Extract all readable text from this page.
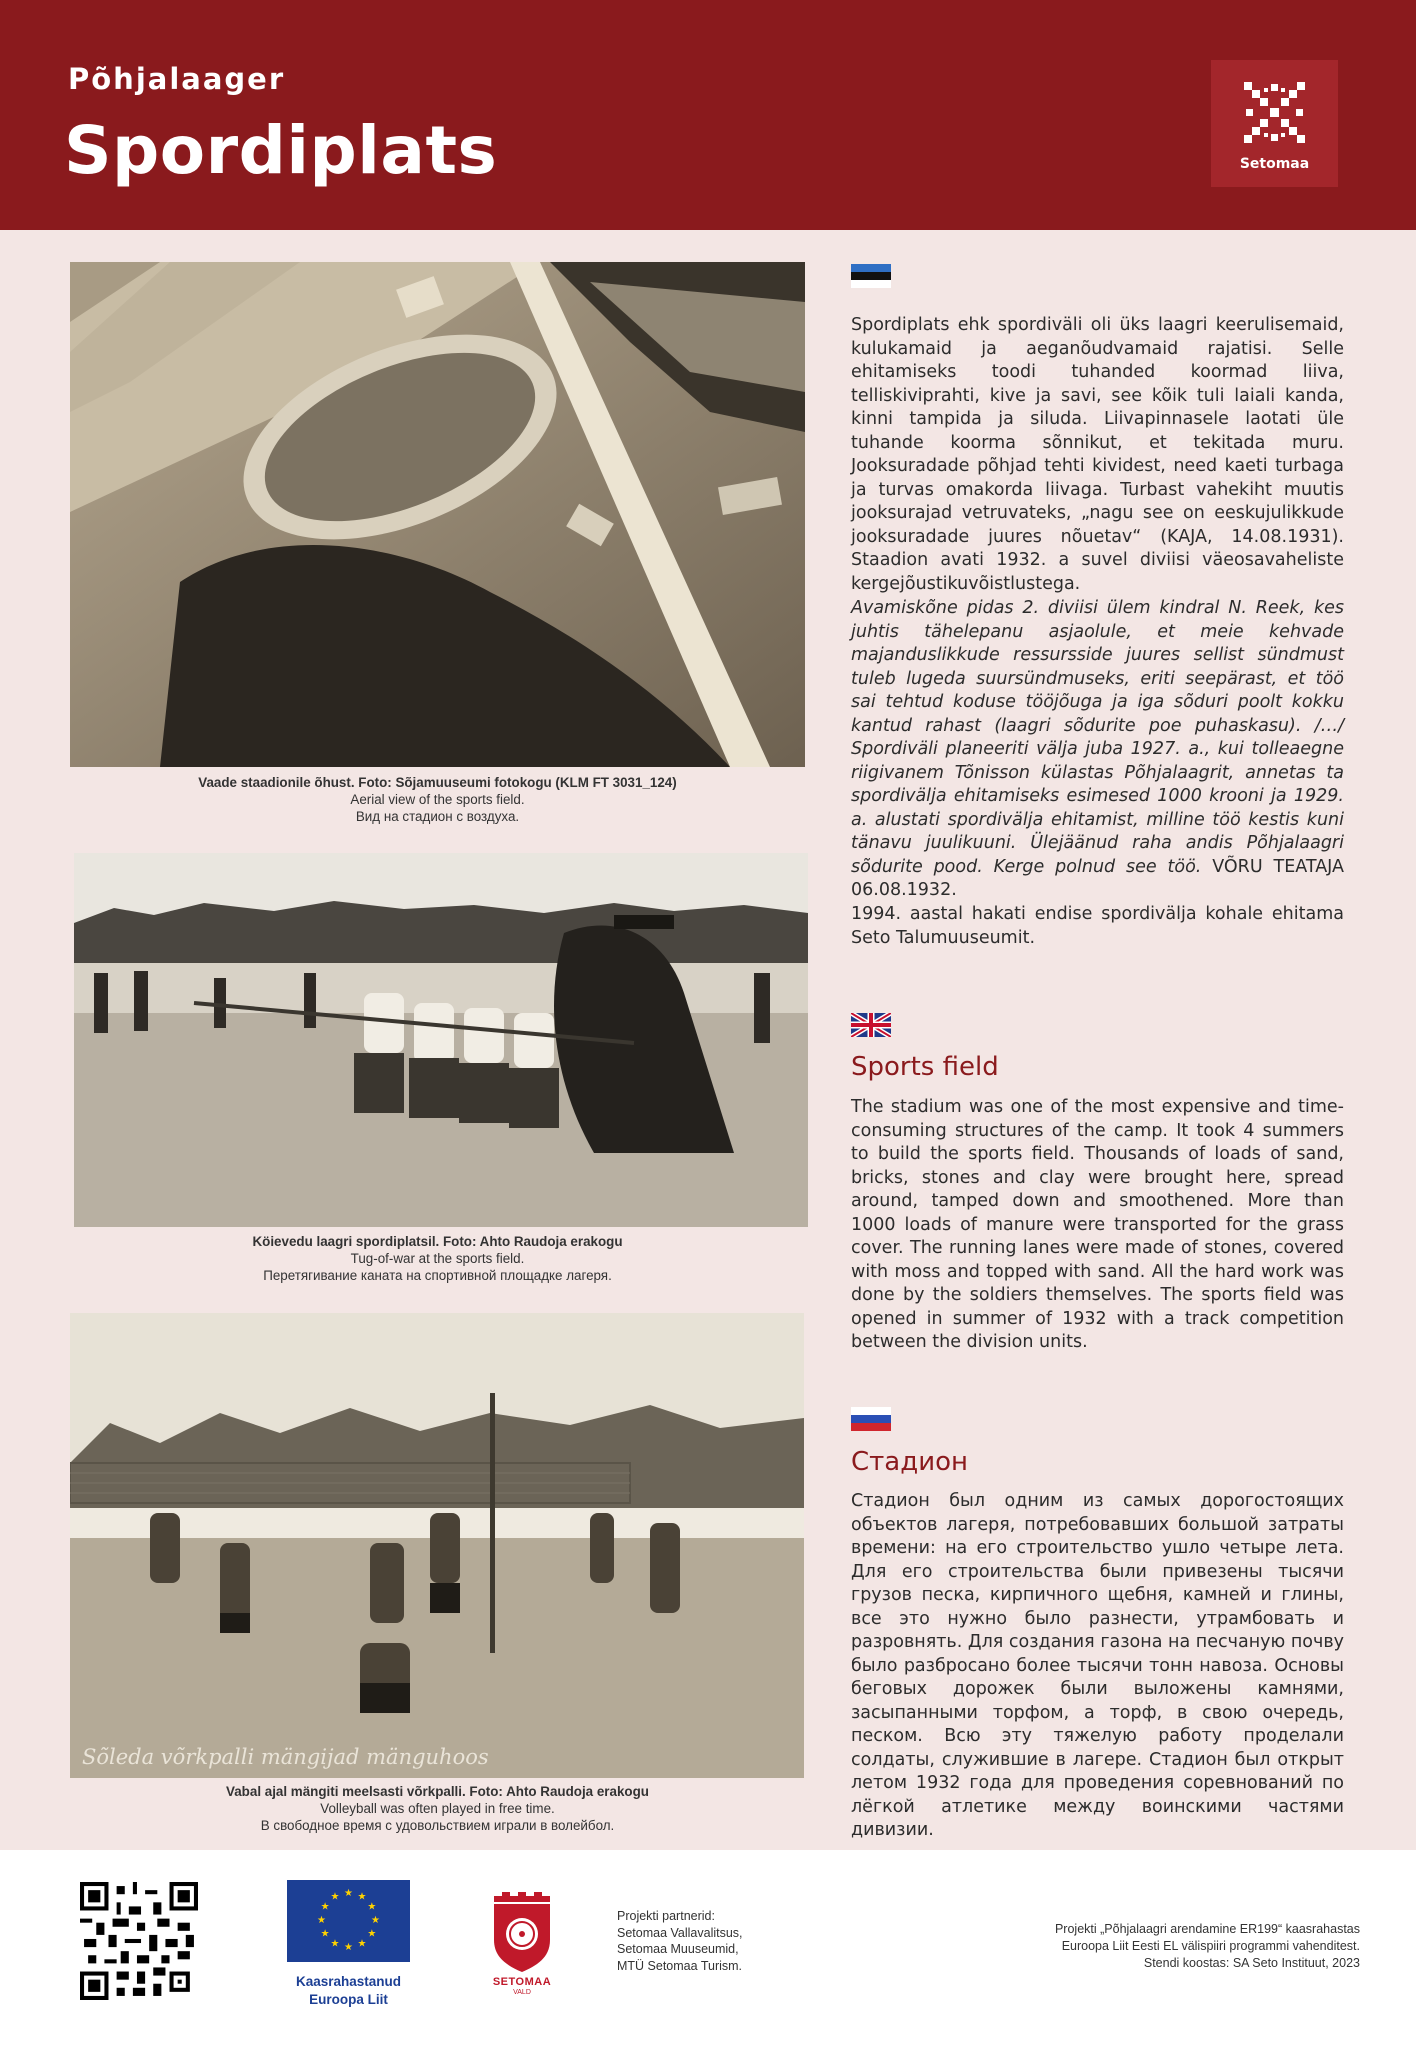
Põhjalaager
Spordiplats	Setomaa
Vaade staadionile õhust. Foto: Sõjamuuseumi fotokogu (KLM FT 3031_124)
Aerial view of the sports field.
Вид на стадион с воздуха.
Köievedu laagri spordiplatsil. Foto: Ahto Raudoja erakogu
Tug-of-war at the sports field.
Перетягивание каната на спортивной площадке лагеря.
Sõleda võrkpalli mängijad mänguhoos
Vabal ajal mängiti meelsasti võrkpalli. Foto: Ahto Raudoja erakogu
Volleyball was often played in free time.
В свободное время с удовольствием играли в волейбол.
Spordiplats ehk spordiväli oli üks laagri keerulisemaid, kulukamaid ja aeganõudvamaid rajatisi. Selle ehitamiseks toodi tuhanded koormad liiva, telliskiviprahti, kive ja savi, see kõik tuli laiali kanda, kinni tampida ja siluda. Liivapinnasele laotati üle tuhande koorma sõnnikut, et tekitada muru. Jooksuradade põhjad tehti kividest, need kaeti turbaga ja turvas omakorda liivaga. Turbast vahekiht muutis jooksurajad vetruvateks, „nagu see on eeskujulikkude jooksuradade juures nõuetav“ (KAJA, 14.08.1931). Staadion avati 1932. a suvel diviisi väeosavaheliste kergejõustikuvõistlustega.
Avamiskõne pidas 2. diviisi ülem kindral N. Reek, kes juhtis tähelepanu asjaolule, et meie kehvade majanduslikkude ressursside juures sellist sündmust tuleb lugeda suursündmuseks, eriti seepärast, et töö sai tehtud koduse tööjõuga ja iga sõduri poolt kokku kantud rahast (laagri sõdurite poe puhaskasu). /…/ Spordiväli planeeriti välja juba 1927. a., kui tolleaegne riigivanem Tõnisson külastas Põhjalaagrit, annetas ta spordivälja ehitamiseks esimesed 1000 krooni ja 1929. a. alustati spordivälja ehitamist, milline töö kestis kuni tänavu juulikuuni. Ülejäänud raha andis Põhjalaagri sõdurite pood. Kerge polnud see töö. VÕRU TEATAJA 06.08.1932.
1994. aastal hakati endise spordivälja kohale ehitama Seto Talumuuseumit.
Sports field
The stadium was one of the most expensive and time-consuming structures of the camp. It took 4 summers to build the sports field. Thousands of loads of sand, bricks, stones and clay were brought here, spread around, tamped down and smoothened. More than 1000 loads of manure were transported for the grass cover. The running lanes were made of stones, covered with moss and topped with sand. All the hard work was done by the soldiers themselves. The sports field was opened in summer of 1932 with a track competition between the division units.
Стадион
Стадион был одним из самых дорогостоящих объектов лагеря, потребовавших большой затраты времени: на его строительство ушло четыре лета. Для его строительства были привезены тысячи грузов песка, кирпичного щебня, камней и глины, все это нужно было разнести, утрамбовать и разровнять. Для создания газона на песчаную почву было разбросано более тысячи тонн навоза. Основы беговых дорожек были выложены камнями, засыпанными торфом, а торф, в свою очередь, песком. Всю эту тяжелую работу проделали солдаты, служившие в лагере. Стадион был открыт летом 1932 года для проведения соревнований по лёгкой атлетике между воинскими частями дивизии.
★ ★
★
★
★
★
★
★
★
★
★
★
Kaasrahastanud
Euroopa Liit
SETOMAA
VALD
Projekti partnerid:
Setomaa Vallavalitsus,
Setomaa Muuseumid,
MTÜ Setomaa Turism.
Projekti „Põhjalaagri arendamine ER199“ kaasrahastas
Euroopa Liit Eesti EL välispiiri programmi vahenditest.
Stendi koostas: SA Seto Instituut, 2023
